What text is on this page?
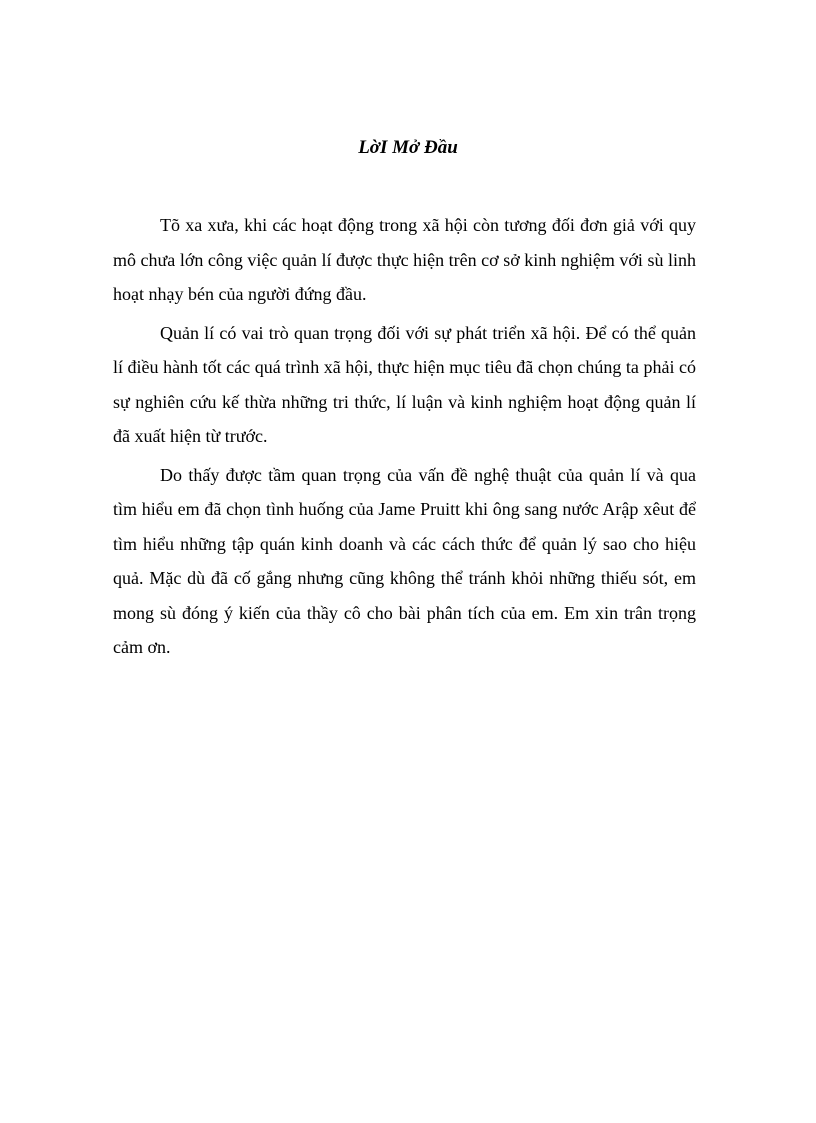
LờI Mở Đầu

Tõ xa xưa, khi các hoạt động trong xã hội còn tương đối đơn giả với quy mô chưa lớn công việc quản lí được thực hiện trên cơ sở kinh nghiệm với sù linh hoạt nhạy bén của người đứng đầu.

Quản lí có vai trò quan trọng đối với sự phát triển xã hội. Để có thể quản lí điều hành tốt các quá trình xã hội, thực hiện mục tiêu đã chọn chúng ta phải có sự nghiên cứu kế thừa những tri thức, lí luận và kinh nghiệm hoạt động quản lí đã xuất hiện từ trước.

Do thấy được tầm quan trọng của vấn đề nghệ thuật của quản lí và qua tìm hiểu em đã chọn tình huống của Jame Pruitt khi ông sang nước Arập xêut để tìm hiểu những tập quán kinh doanh và các cách thức để quản lý sao cho hiệu quả. Mặc dù đã cố gắng nhưng cũng không thể tránh khỏi những thiếu sót, em mong sù đóng ý kiến của thầy cô cho bài phân tích của em. Em xin trân trọng cảm ơn.
